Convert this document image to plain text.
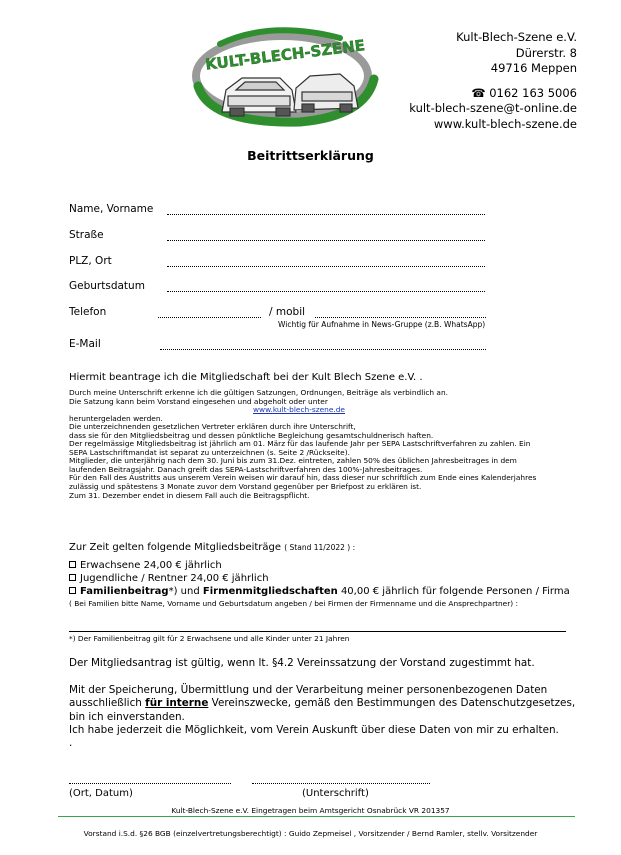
KULT-BLECH-SZENE	Kult-Blech-Szene e.V.
Dürerstr. 8
49716 Meppen
☎ 0162 163 5006
kult-blech-szene@t-online.de
www.kult-blech-szene.de
Beitrittserklärung
Name, Vorname
Straße
PLZ, Ort
Geburtsdatum
Telefon	/ mobil
Wichtig für Aufnahme in News-Gruppe (z.B. WhatsApp)
E-Mail
Hiermit beantrage ich die Mitgliedschaft bei der Kult Blech Szene e.V. .

Durch meine Unterschrift erkenne ich die gültigen Satzungen, Ordnungen, Beiträge als verbindlich an.

Die Satzung kann beim Vorstand eingesehen und abgeholt oder unter

www.kult-blech-szene.de

heruntergeladen werden.

Die unterzeichnenden gesetzlichen Vertreter erklären durch ihre Unterschrift,

dass sie für den Mitgliedsbeitrag und dessen pünktliche Begleichung gesamtschuldnerisch haften.

Der regelmässige Mitgliedsbeitrag ist jährlich am 01. März für das laufende Jahr per SEPA Lastschriftverfahren zu zahlen. Ein

SEPA Lastschriftmandat ist separat zu unterzeichnen (s. Seite 2 /Rückseite).

Mitglieder, die unterjährig nach dem 30. Juni bis zum 31.Dez. eintreten, zahlen 50% des üblichen Jahresbeitrages in dem

laufenden Beitragsjahr. Danach greift das SEPA-Lastschriftverfahren des 100%-Jahresbeitrages.

Für den Fall des Austritts aus unserem Verein weisen wir darauf hin, dass dieser nur schriftlich zum Ende eines Kalenderjahres

zulässig und spätestens 3 Monate zuvor dem Vorstand gegenüber per Briefpost zu erklären ist.

Zum 31. Dezember endet in diesem Fall auch die Beitragspflicht.

Zur Zeit gelten folgende Mitgliedsbeiträge ( Stand 11/2022 ) :
Erwachsene 24,00 € jährlich
Jugendliche / Rentner 24,00 € jährlich
Familienbeitrag*) und Firmenmitgliedschaften 40,00 € jährlich für folgende Personen / Firma
( Bei Familien bitte Name, Vorname und Geburtsdatum angeben / bei Firmen der Firmenname und die Ansprechpartner) :
*) Der Familienbeitrag gilt für 2 Erwachsene und alle Kinder unter 21 Jahren
Der Mitgliedsantrag ist gültig, wenn lt. §4.2 Vereinssatzung der Vorstand zugestimmt hat.

Mit der Speicherung, Übermittlung und der Verarbeitung meiner personenbezogenen Daten

ausschließlich für interne Vereinszwecke, gemäß den Bestimmungen des Datenschutzgesetzes,

bin ich einverstanden.

Ich habe jederzeit die Möglichkeit, vom Verein Auskunft über diese Daten von mir zu erhalten.

.

(Ort, Datum)	(Unterschrift)
Kult-Blech-Szene e.V. Eingetragen beim Amtsgericht Osnabrück VR 201357
Vorstand i.S.d. §26 BGB (einzelvertretungsberechtigt) : Guido Zepmeisel , Vorsitzender / Bernd Ramler, stellv. Vorsitzender
